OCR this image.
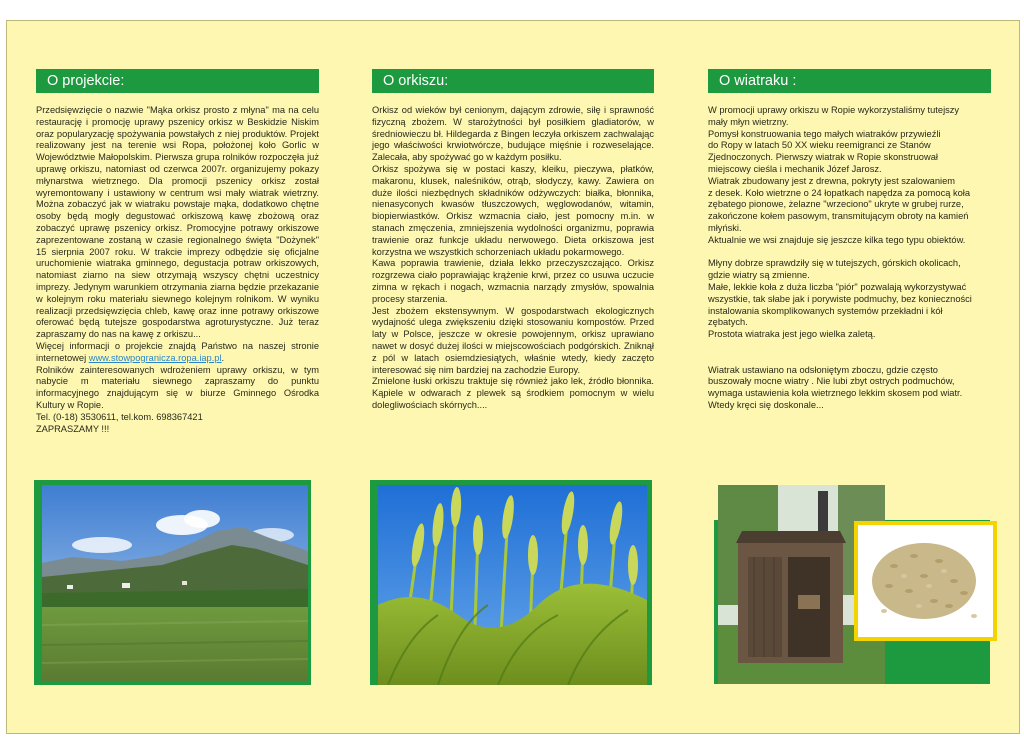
O projekcie:

Przedsięwzięcie o nazwie "Mąka orkisz prosto z młyna" ma na celu restaurację i promocję uprawy pszenicy orkisz w Beskidzie Niskim oraz popularyzację spożywania powstałych z niej produktów. Projekt realizowany jest na terenie wsi Ropa, położonej koło Gorlic w Województwie Małopolskim. Pierwsza grupa rolników rozpoczęła już uprawę orkiszu, natomiast od czerwca 2007r. organizujemy pokazy młynarstwa wietrznego. Dla promocji pszenicy orkisz został wyremontowany i ustawiony w centrum wsi mały wiatrak wietrzny. Można zobaczyć jak w wiatraku powstaje mąka, dodatkowo chętne osoby będą mogły degustować orkiszową kawę zbożową oraz zobaczyć uprawę pszenicy orkisz. Promocyjne potrawy orkiszowe zaprezentowane zostaną w czasie regionalnego święta "Dożynek" 15 sierpnia 2007 roku. W trakcie imprezy odbędzie się oficjalne uruchomienie wiatraka gminnego, degustacja potraw orkiszowych, natomiast ziarno na siew otrzymają wszyscy chętni uczestnicy imprezy. Jedynym warunkiem otrzymania ziarna będzie przekazanie w kolejnym roku materiału siewnego kolejnym rolnikom. W wyniku realizacji przedsięwzięcia chleb, kawę oraz inne potrawy orkiszowe oferować będą tutejsze gospodarstwa agroturystyczne. Już teraz zapraszamy do nas na kawę z orkiszu...

Więcej informacji o projekcie znajdą Państwo na naszej stronie internetowej www.stowpogranicza.ropa.iap.pl.

Rolników zainteresowanych wdrożeniem uprawy orkiszu, w tym nabycie m materiału siewnego zapraszamy do punktu informacyjnego znajdującym się w biurze Gminnego Ośrodka Kultury w Ropie.

Tel. (0-18) 3530611, tel.kom. 698367421

ZAPRASZAMY !!!

O orkiszu:

Orkisz od wieków był cenionym, dającym zdrowie, siłę i sprawność fizyczną zbożem. W starożytności był posiłkiem gladiatorów, w średniowieczu bł. Hildegarda z Bingen leczyła orkiszem zachwalając jego właściwości krwiotwórcze, budujące mięśnie i rozweselające. Zalecała, aby spożywać go w każdym posiłku.

Orkisz spożywa się w postaci kaszy, kleiku, pieczywa, płatków, makaronu, klusek, naleśników, otrąb, słodyczy, kawy. Zawiera on duże ilości niezbędnych składników odżywczych: białka, błonnika, nienasyconych kwasów tłuszczowych, węglowodanów, witamin, biopierwiastków. Orkisz wzmacnia ciało, jest pomocny m.in. w stanach zmęczenia, zmniejszenia wydolności organizmu, poprawia trawienie oraz funkcje układu nerwowego. Dieta orkiszowa jest korzystna we wszystkich schorzeniach układu pokarmowego.

Kawa poprawia trawienie, działa lekko przeczyszczająco. Orkisz rozgrzewa ciało poprawiając krążenie krwi, przez co usuwa uczucie zimna w rękach i nogach, wzmacnia narządy zmysłów, spowalnia procesy starzenia.

Jest zbożem ekstensywnym. W gospodarstwach ekologicznych wydajność ulega zwiększeniu dzięki stosowaniu kompostów. Przed laty w Polsce, jeszcze w okresie powojennym, orkisz uprawiano nawet w dosyć dużej ilości w miejscowościach podgórskich. Zniknął z pól w latach osiemdziesiątych, właśnie wtedy, kiedy zaczęto interesować się nim bardziej na zachodzie Europy.

Zmielone łuski orkiszu traktuje się również jako lek, źródło błonnika. Kąpiele w odwarach z plewek są środkiem pomocnym w wielu dolegliwościach skórnych....

O wiatraku :

W promocji uprawy orkiszu w Ropie wykorzystaliśmy tutejszy

mały młyn wietrzny.

Pomysł konstruowania tego małych wiatraków przywieźli

do Ropy w latach 50 XX wieku reemigranci ze Stanów

Zjednoczonych. Pierwszy wiatrak w Ropie skonstruował

miejscowy cieśla i mechanik Józef Jarosz.

Wiatrak zbudowany jest z drewna, pokryty jest szalowaniem

z desek. Koło wietrzne o 24 łopatkach napędza za pomocą koła

zębatego pionowe, żelazne "wrzeciono" ukryte w grubej rurze,

zakończone kołem pasowym, transmitującym obroty na kamień

młyński.

Aktualnie we wsi znajduje się jeszcze kilka tego typu obiektów.

Młyny dobrze sprawdziły się w tutejszych, górskich okolicach,

gdzie wiatry są zmienne.

Małe, lekkie koła z duża liczba "piór" pozwalają wykorzystywać

wszystkie, tak słabe jak i porywiste podmuchy, bez konieczności

instalowania skomplikowanych systemów przekładni i kół

zębatych.

Prostota wiatraka jest jego wielka zaletą.

Wiatrak ustawiano na odsłoniętym zboczu, gdzie często

buszowały mocne wiatry . Nie lubi zbyt ostrych podmuchów,

wymaga ustawienia koła wietrznego lekkim skosem pod wiatr.

Wtedy kręci się doskonale...
